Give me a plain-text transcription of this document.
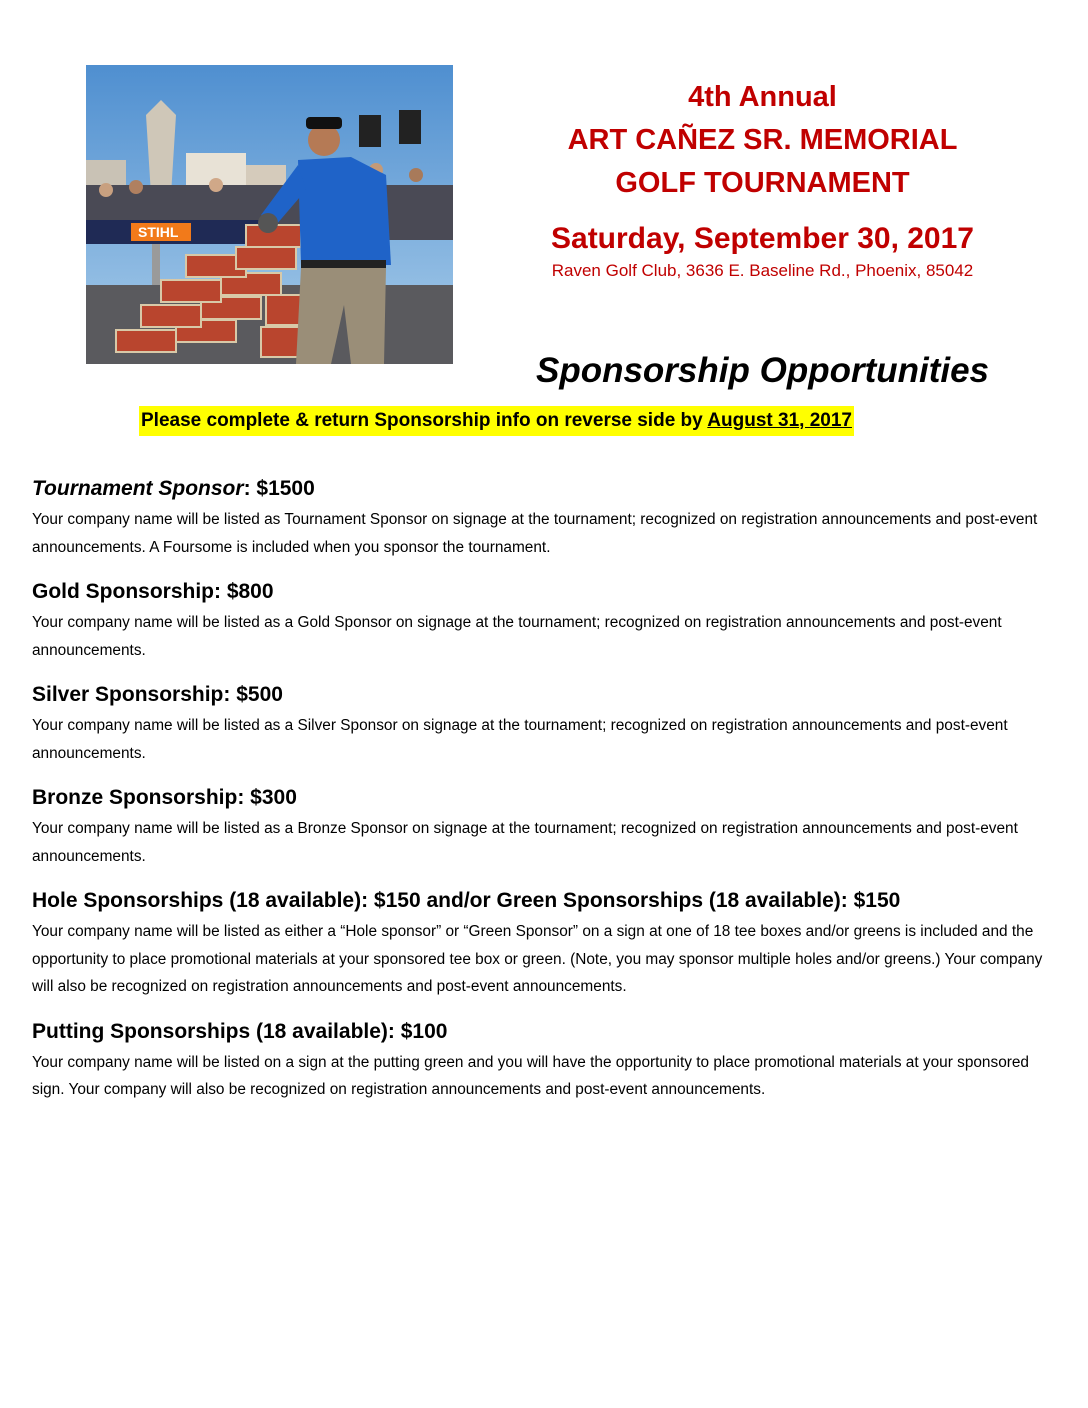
STIHL
4th Annual
ART CAÑEZ SR. MEMORIAL
GOLF TOURNAMENT
Saturday, September 30, 2017
Raven Golf Club, 3636 E. Baseline Rd., Phoenix, 85042
Sponsorship Opportunities
Please complete & return Sponsorship info on reverse side by August 31, 2017
Tournament Sponsor: $1500
Your company name will be listed as Tournament Sponsor on signage at the tournament; recognized on registration announcements and post-event announcements. A Foursome is included when you sponsor the tournament.
Gold Sponsorship: $800
Your company name will be listed as a Gold Sponsor on signage at the tournament; recognized on registration announcements and post-event announcements.
Silver Sponsorship: $500
Your company name will be listed as a Silver Sponsor on signage at the tournament; recognized on registration announcements and post-event announcements.
Bronze Sponsorship: $300
Your company name will be listed as a Bronze Sponsor on signage at the tournament; recognized on registration announcements and post-event announcements.
Hole Sponsorships (18 available): $150 and/or Green Sponsorships (18 available): $150
Your company name will be listed as either a “Hole sponsor” or “Green Sponsor” on a sign at one of 18 tee boxes and/or greens is included and the opportunity to place promotional materials at your sponsored tee box or green. (Note, you may sponsor multiple holes and/or greens.) Your company will also be recognized on registration announcements and post-event announcements.
Putting Sponsorships (18 available): $100
Your company name will be listed on a sign at the putting green and you will have the opportunity to place promotional materials at your sponsored sign. Your company will also be recognized on registration announcements and post-event announcements.
